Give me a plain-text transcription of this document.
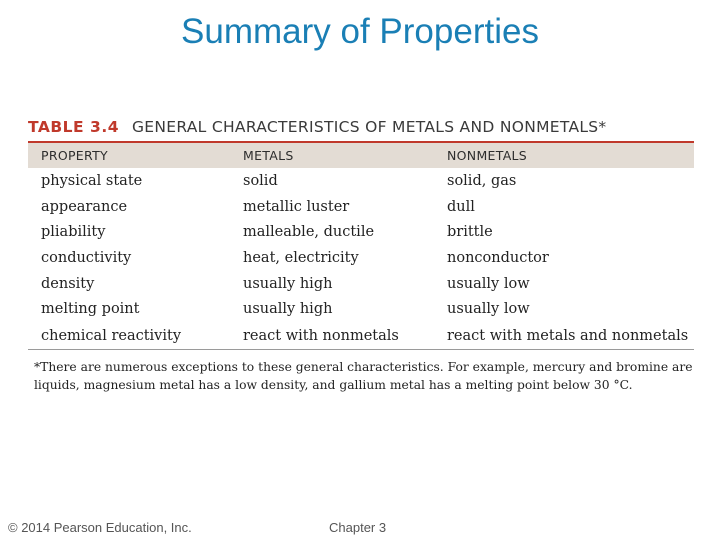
Summary of Properties
TABLE 3.4 GENERAL CHARACTERISTICS OF METALS AND NONMETALS*
PROPERTY	METALS	NONMETALS
physical state	solid	solid, gas
appearance	metallic luster	dull
pliability	malleable, ductile	brittle
conductivity	heat, electricity	nonconductor
density	usually high	usually low
melting point	usually high	usually low
chemical reactivity	react with nonmetals	react with metals and nonmetals
*There are numerous exceptions to these general characteristics. For example, mercury and bromine are
liquids, magnesium metal has a low density, and gallium metal has a melting point below 30 °C.
© 2014 Pearson Education, Inc.	Chapter 3
